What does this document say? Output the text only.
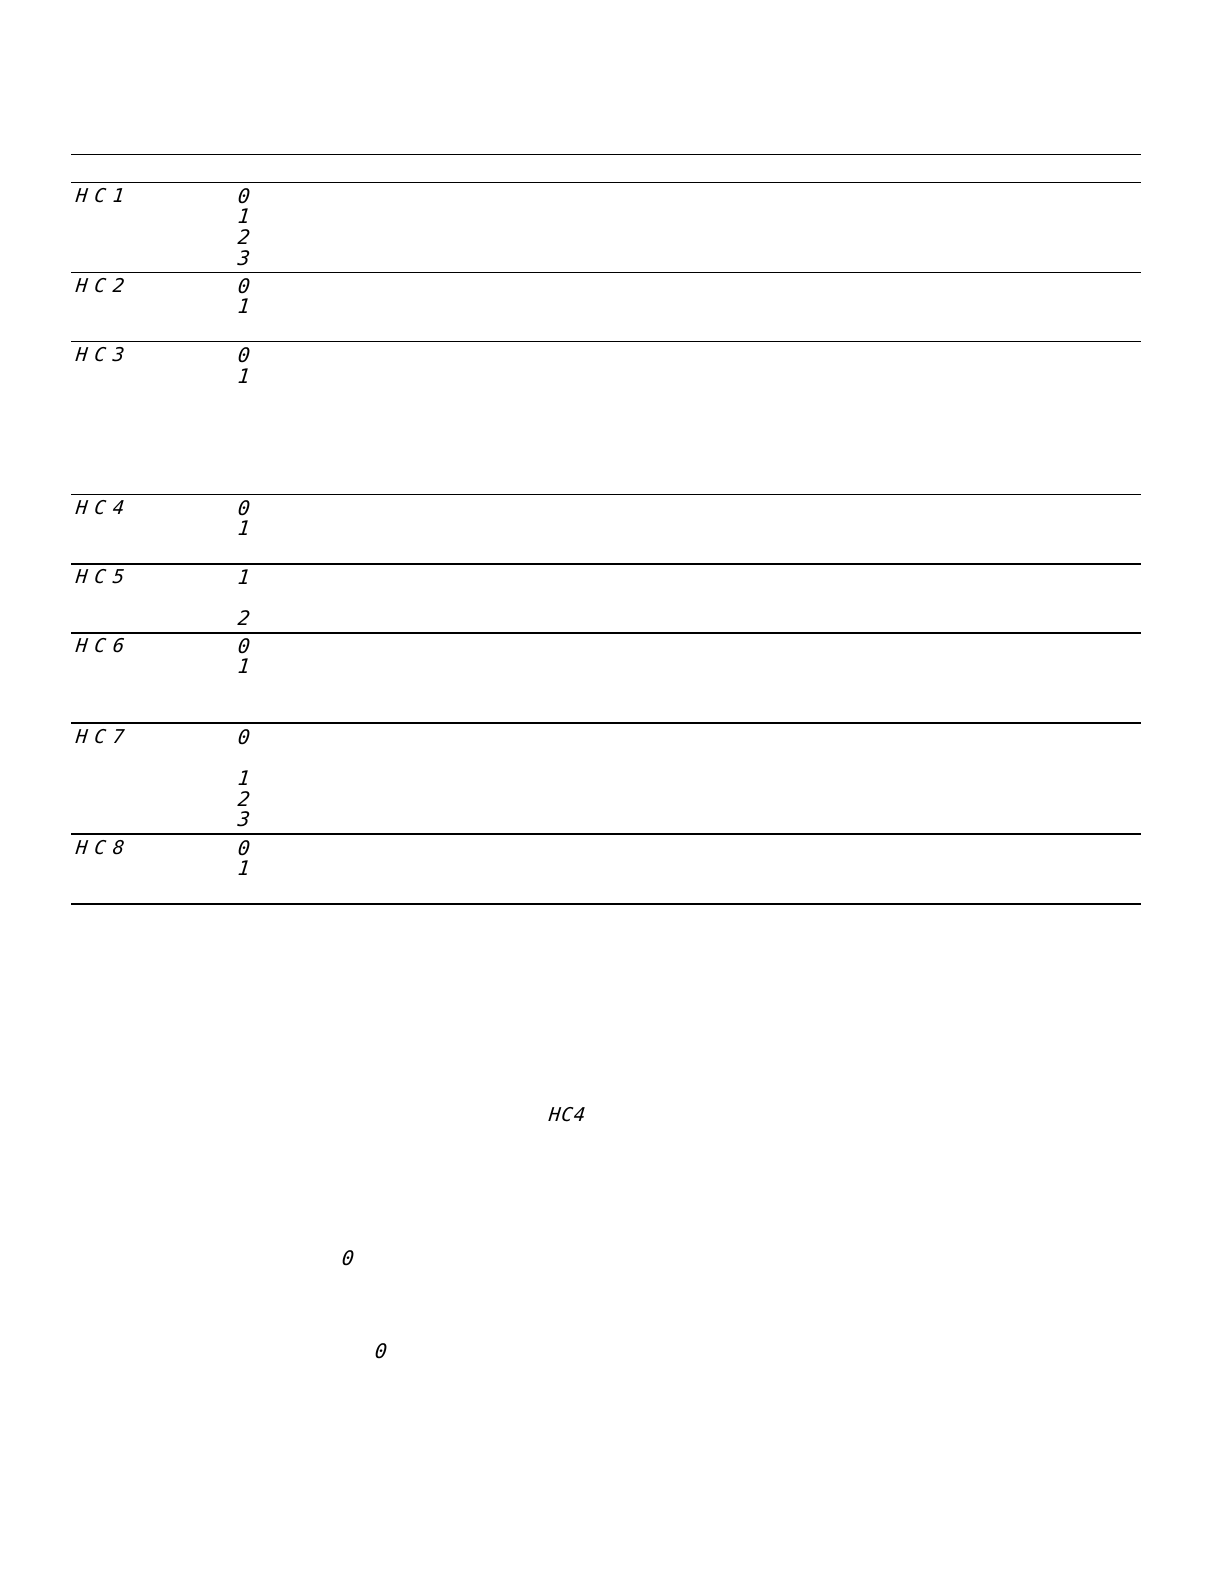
HC1	0
1
2
3
HC2	0
1
HC3	0
1
HC4	0
1
HC5	1
2
HC6	0
1
HC7	0
1
2
3
HC8	0
1
HC4
0
0
